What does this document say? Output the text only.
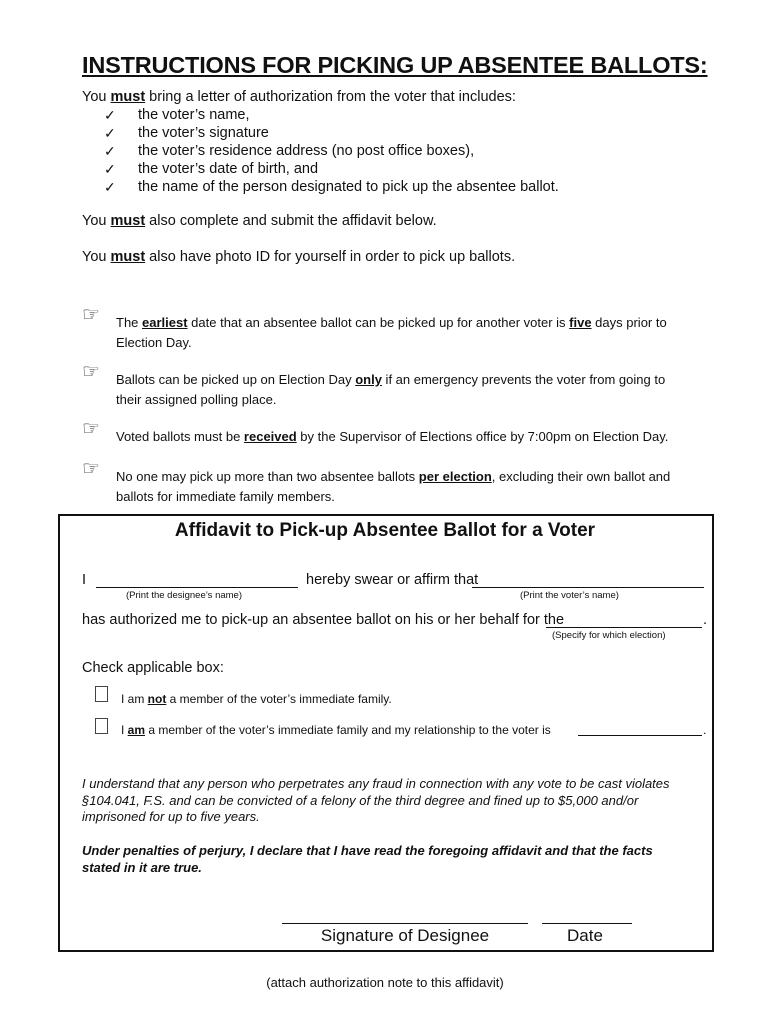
INSTRUCTIONS FOR PICKING UP ABSENTEE BALLOTS:
You must bring a letter of authorization from the voter that includes:
✓ the voter’s name,
✓ the voter’s signature
✓ the voter’s residence address (no post office boxes),
✓ the voter’s date of birth, and
✓ the name of the person designated to pick up the absentee ballot.
You must also complete and submit the affidavit below.
You must also have photo ID for yourself in order to pick up ballots.
☞ The earliest date that an absentee ballot can be picked up for another voter is five days prior to
Election Day.
☞ Ballots can be picked up on Election Day only if an emergency prevents the voter from going to
their assigned polling place.
☞ Voted ballots must be received by the Supervisor of Elections office by 7:00pm on Election Day.
☞ No one may pick up more than two absentee ballots per election, excluding their own ballot and
ballots for immediate family members.
Affidavit to Pick-up Absentee Ballot for a Voter
I	hereby swear or affirm that
(Print the designee’s name)	(Print the voter’s name)
has authorized me to pick-up an absentee ballot on his or her behalf for the	.
(Specify for which election)
Check applicable box:
I am not a member of the voter’s immediate family.
I am a member of the voter’s immediate family and my relationship to the voter is	.
I understand that any person who perpetrates any fraud in connection with any vote to be cast violates §104.041, F.S. and can be convicted of a felony of the third degree and fined up to $5,000 and/or imprisoned for up to five years.
Under penalties of perjury, I declare that I have read the foregoing affidavit and that the facts stated in it are true.
Signature of Designee	Date
(attach authorization note to this affidavit)
